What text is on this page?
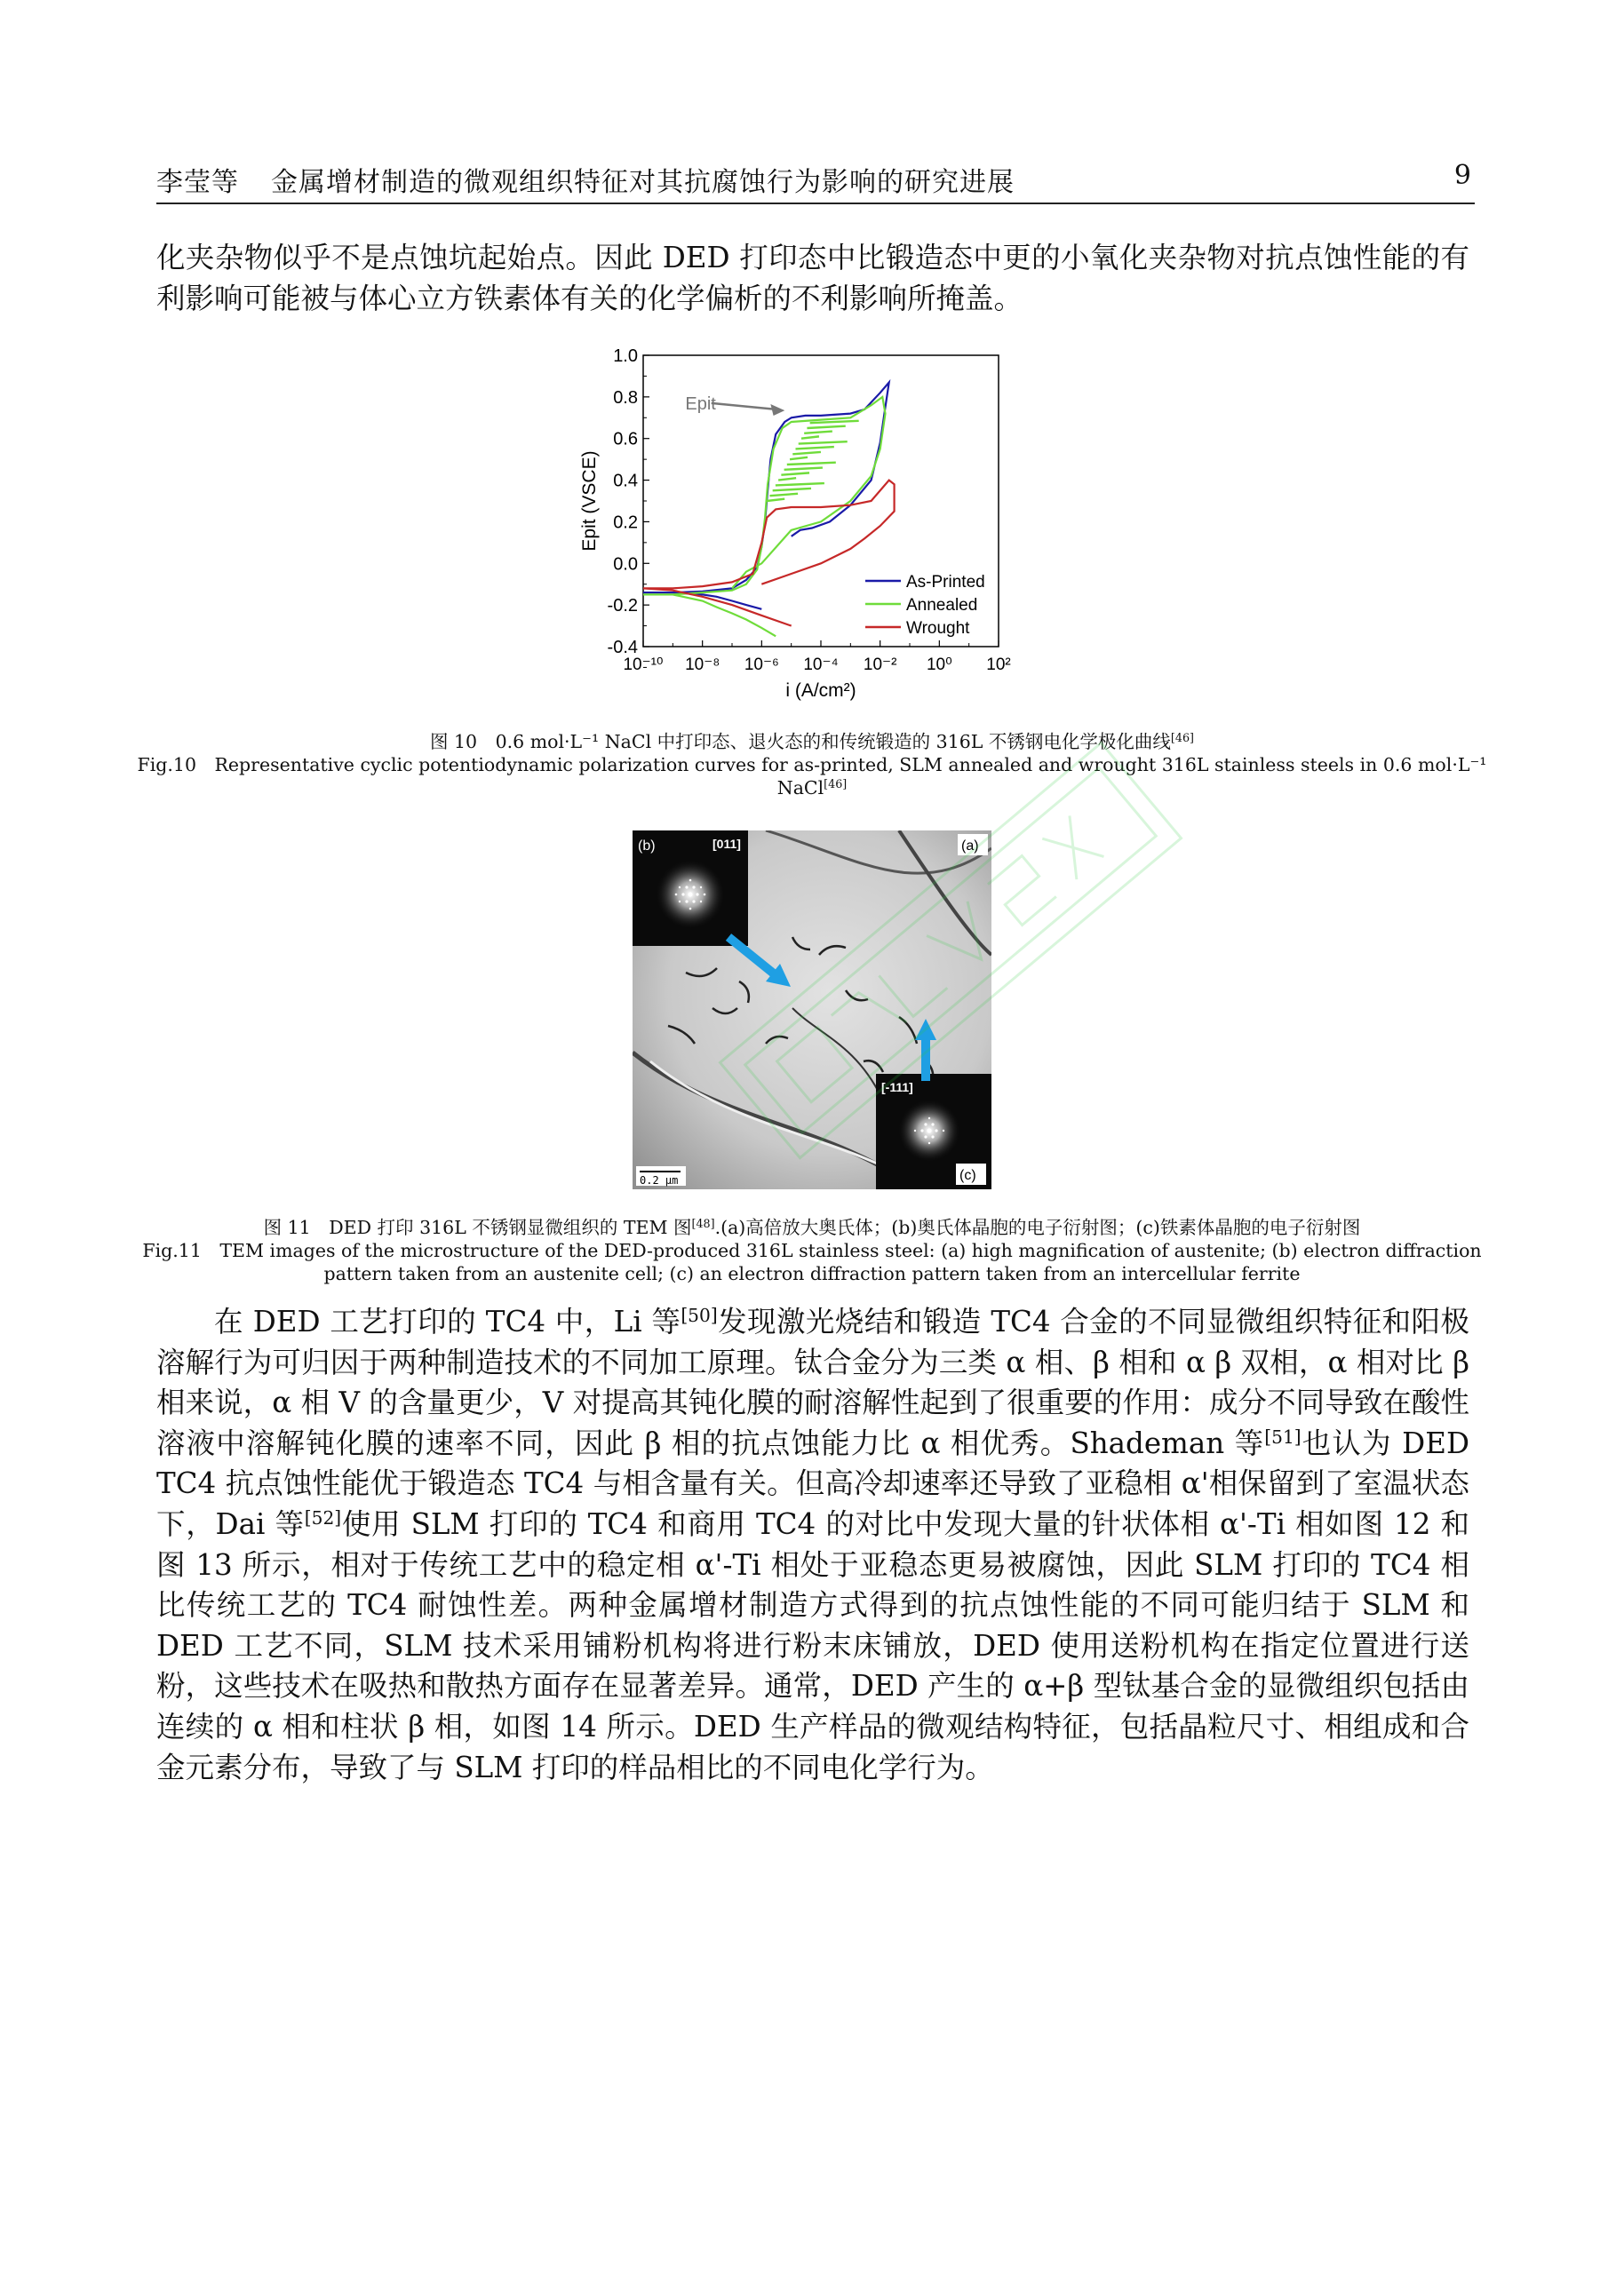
李莹等 金属增材制造的微观组织特征对其抗腐蚀行为影响的研究进展	9

化夹杂物似乎不是点蚀坑起始点。因此 DED 打印态中比锻造态中更的小氧化夹杂物对抗点蚀性能的有利影响可能被与体心立方铁素体有关的化学偏析的不利影响所掩盖。

-0.4
-0.2
0.0
0.2
0.4
0.6
0.8
1.0
10⁻¹⁰ 10⁻⁸ 10⁻⁶ 10⁻⁴ 10⁻² 10⁰ 10²
i (A/cm²)
Epit (VSCE)
Epit
As-Printed
Annealed
Wrought
图 10　0.6 mol·L⁻¹ NaCl 中打印态、退火态的和传统锻造的 316L 不锈钢电化学极化曲线[46]
Fig.10　Representative cyclic potentiodynamic polarization curves for as-printed, SLM annealed and wrought 316L stainless steels in 0.6 mol·L⁻¹
NaCl[46]
(b)	[011]
[-111]
(c)
(a)
0.2 μm
图 11　DED 打印 316L 不锈钢显微组织的 TEM 图[48].(a)高倍放大奥氏体；(b)奥氏体晶胞的电子衍射图；(c)铁素体晶胞的电子衍射图
Fig.11　TEM images of the microstructure of the DED-produced 316L stainless steel: (a) high magnification of austenite; (b) electron diffraction
pattern taken from an austenite cell; (c) an electron diffraction pattern taken from an intercellular ferrite

在 DED 工艺打印的 TC4 中，Li 等[50]发现激光烧结和锻造 TC4 合金的不同显微组织特征和阳极溶解行为可归因于两种制造技术的不同加工原理。钛合金分为三类 α 相、β 相和 α β 双相，α 相对比 β 相来说，α 相 V 的含量更少，V 对提高其钝化膜的耐溶解性起到了很重要的作用：成分不同导致在酸性溶液中溶解钝化膜的速率不同，因此 β 相的抗点蚀能力比 α 相优秀。Shademan 等[51]也认为 DED TC4 抗点蚀性能优于锻造态 TC4 与相含量有关。但高冷却速率还导致了亚稳相 α'相保留到了室温状态下，Dai 等[52]使用 SLM 打印的 TC4 和商用 TC4 的对比中发现大量的针状体相 α'-Ti 相如图 12 和图 13 所示，相对于传统工艺中的稳定相 α'-Ti 相处于亚稳态更易被腐蚀，因此 SLM 打印的 TC4 相比传统工艺的 TC4 耐蚀性差。两种金属增材制造方式得到的抗点蚀性能的不同可能归结于 SLM 和 DED 工艺不同，SLM 技术采用铺粉机构将进行粉末床铺放，DED 使用送粉机构在指定位置进行送粉，这些技术在吸热和散热方面存在显著差异。通常，DED 产生的 α+β 型钛基合金的显微组织包括由连续的 α 相和柱状 β 相，如图 14 所示。DED 生产样品的微观结构特征，包括晶粒尺寸、相组成和合金元素分布，导致了与 SLM 打印的样品相比的不同电化学行为。
